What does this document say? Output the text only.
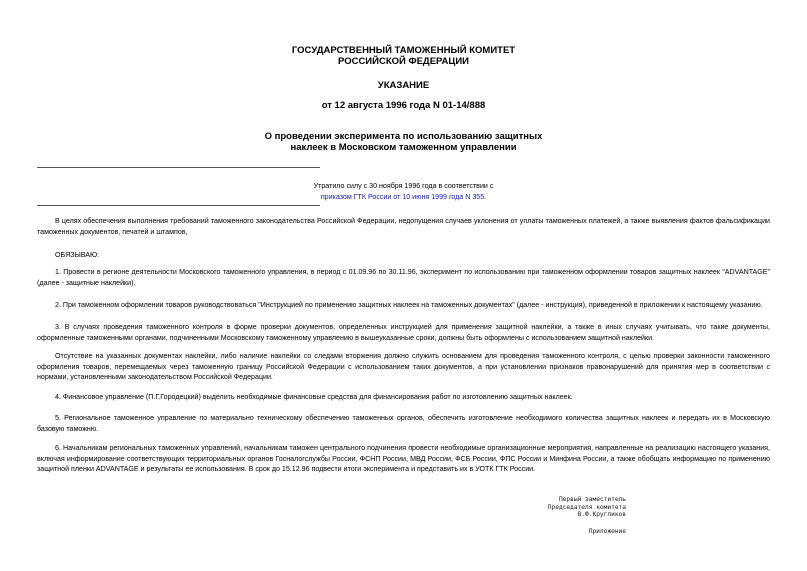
ГОСУДАРСТВЕННЫЙ ТАМОЖЕННЫЙ КОМИТЕТ
РОССИЙСКОЙ ФЕДЕРАЦИИ
УКАЗАНИЕ
от 12 августа 1996 года N 01-14/888
О проведении эксперимента по использованию защитных
наклеек в Московском таможенном управлении
Утратило силу с 30 ноября 1996 года в соответствии с
приказом ГТК России от 10 июня 1999 года N 355.
В целях обеспечения выполнения требований таможенного законодательства Российской Федерации, недопущения случаев уклонения от уплаты таможенных платежей, а также выявления фактов фальсификации таможенных документов, печатей и штампов,
ОБЯЗЫВАЮ:
1. Провести в регионе деятельности Московского таможенного управления, в период с 01.09.96 по 30.11.96, эксперимент по использованию при таможенном оформлении товаров защитных наклеек "ADVANTAGE" (далее - защитные наклейки).
2. При таможенном оформлении товаров руководствоваться "Инструкцией по применению защитных наклеек на таможенных документах" (далее - инструкция), приведенной в приложении к настоящему указанию.
3. В случаях проведения таможенного контроля в форме проверки документов, определенных инструкцией для применения защитной наклейки, а также в иных случаях учитывать, что такие документы, оформленные таможенными органами, подчиненными Московскому таможенному управлению в вышеуказанные сроки, должны быть оформлены с использованием защитной наклейки.
Отсутствие на указанных документах наклейки, либо наличие наклейки со следами вторжения должно служить основанием для проведения таможенного контроля, с целью проверки законности таможенного оформления товаров, перемещаемых через таможенную границу Российской Федерации с использованием таких документов, а при установлении признаков правонарушений для принятия мер в соответствии с нормами, установленными законодательством Российской Федерации.
4. Финансовое управление (П.Г.Городецкий) выделить необходимые финансовые средства для финансирования работ по изготовлению защитных наклеек.
5. Региональное таможенное управление по материально техническому обеспечению таможенных органов, обеспечить изготовление необходимого количества защитных наклеек и передать их в Московскую базовую таможню.
6. Начальникам региональных таможенных управлений, начальникам таможен центрального подчинения провести необходимые организационные мероприятия, направленные на реализацию настоящего указания, включая информирование соответствующих территориальных органов Госналогслужбы России, ФСНП России, МВД России, ФСБ России, ФПС России и Минфина России, а также обобщать информацию по применению защитной пленки ADVANTAGE и результаты ее использования. В срок до 15.12.96 подвести итоги эксперимента и представить их в УОТК ГТК России.
Первый заместитель
Председателя комитета
В.Ф.Кругликов
Приложение
